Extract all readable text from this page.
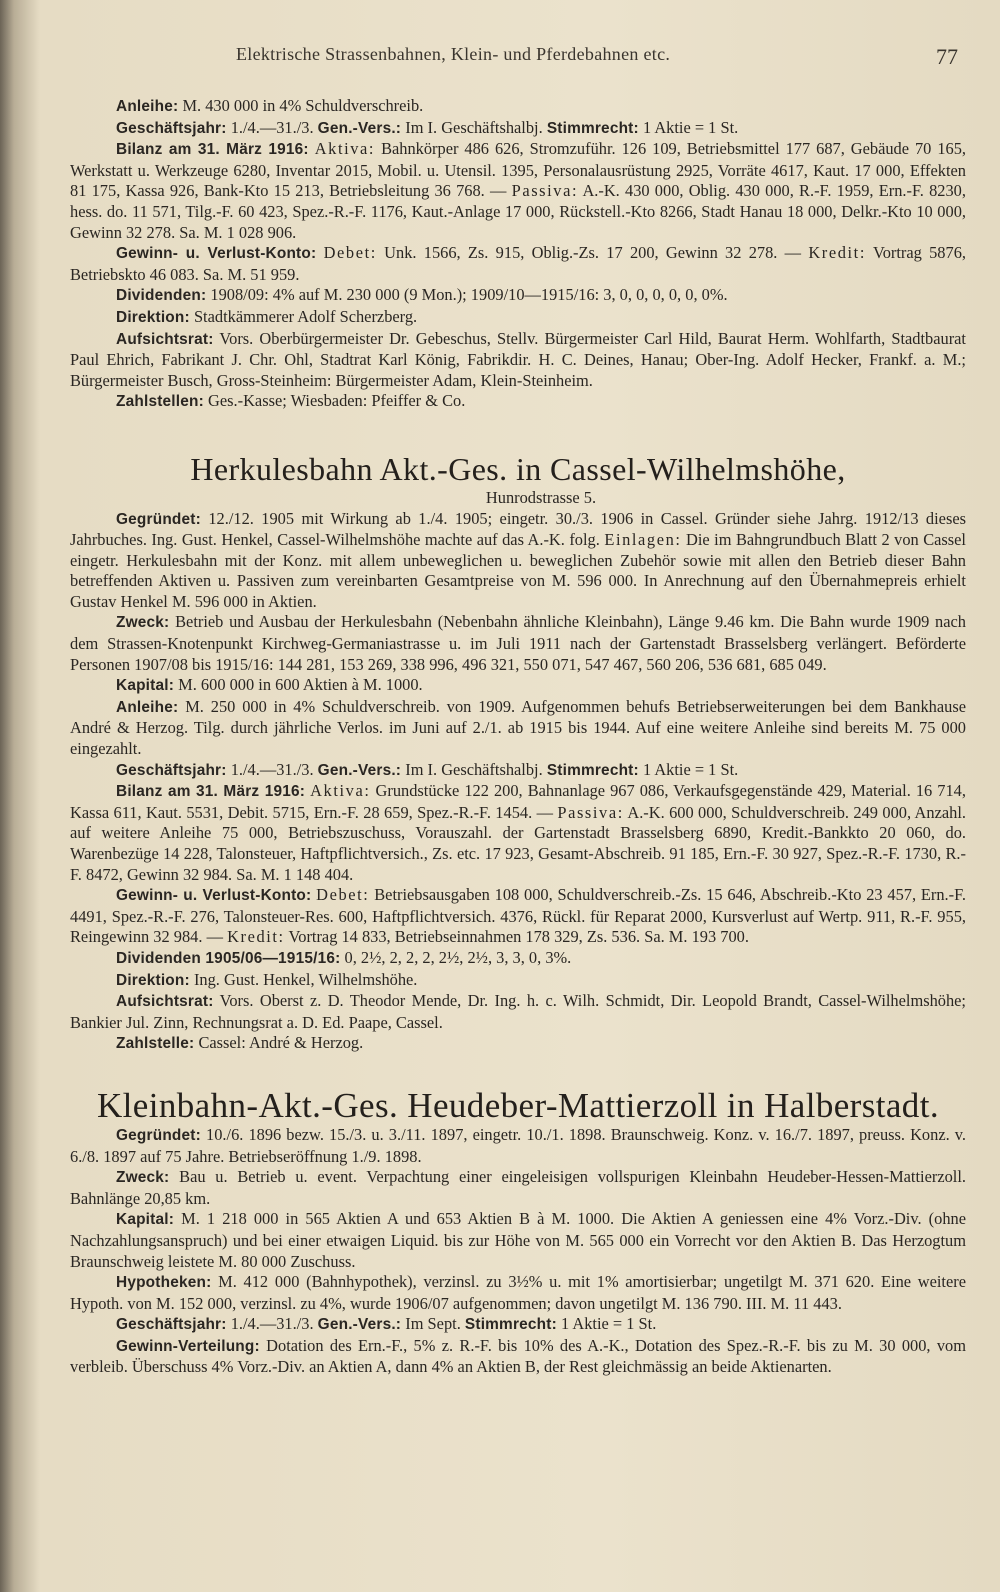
Elektrische Strassenbahnen, Klein- und Pferdebahnen etc.	77

Anleihe: M. 430 000 in 4% Schuldverschreib.

Geschäftsjahr: 1./4.—31./3. Gen.-Vers.: Im I. Geschäftshalbj. Stimmrecht: 1 Aktie = 1 St.

Bilanz am 31. März 1916: Aktiva: Bahnkörper 486 626, Stromzuführ. 126 109, Betriebsmittel 177 687, Gebäude 70 165, Werkstatt u. Werkzeuge 6280, Inventar 2015, Mobil. u. Utensil. 1395, Personalausrüstung 2925, Vorräte 4617, Kaut. 17 000, Effekten 81 175, Kassa 926, Bank-Kto 15 213, Betriebsleitung 36 768. — Passiva: A.-K. 430 000, Oblig. 430 000, R.-F. 1959, Ern.-F. 8230, hess. do. 11 571, Tilg.-F. 60 423, Spez.-R.-F. 1176, Kaut.-Anlage 17 000, Rückstell.-Kto 8266, Stadt Hanau 18 000, Delkr.-Kto 10 000, Gewinn 32 278. Sa. M. 1 028 906.

Gewinn- u. Verlust-Konto: Debet: Unk. 1566, Zs. 915, Oblig.-Zs. 17 200, Gewinn 32 278. — Kredit: Vortrag 5876, Betriebskto 46 083. Sa. M. 51 959.

Dividenden: 1908/09: 4% auf M. 230 000 (9 Mon.); 1909/10—1915/16: 3, 0, 0, 0, 0, 0, 0%.

Direktion: Stadtkämmerer Adolf Scherzberg.

Aufsichtsrat: Vors. Oberbürgermeister Dr. Gebeschus, Stellv. Bürgermeister Carl Hild, Baurat Herm. Wohlfarth, Stadtbaurat Paul Ehrich, Fabrikant J. Chr. Ohl, Stadtrat Karl König, Fabrikdir. H. C. Deines, Hanau; Ober-Ing. Adolf Hecker, Frankf. a. M.; Bürgermeister Busch, Gross-Steinheim: Bürgermeister Adam, Klein-Steinheim.

Zahlstellen: Ges.-Kasse; Wiesbaden: Pfeiffer & Co.

Herkulesbahn Akt.-Ges. in Cassel-Wilhelmshöhe,

Hunrodstrasse 5.

Gegründet: 12./12. 1905 mit Wirkung ab 1./4. 1905; eingetr. 30./3. 1906 in Cassel. Gründer siehe Jahrg. 1912/13 dieses Jahrbuches. Ing. Gust. Henkel, Cassel-Wilhelmshöhe machte auf das A.-K. folg. Einlagen: Die im Bahngrundbuch Blatt 2 von Cassel eingetr. Herkulesbahn mit der Konz. mit allem unbeweglichen u. beweglichen Zubehör sowie mit allen den Betrieb dieser Bahn betreffenden Aktiven u. Passiven zum vereinbarten Gesamtpreise von M. 596 000. In Anrechnung auf den Übernahmepreis erhielt Gustav Henkel M. 596 000 in Aktien.

Zweck: Betrieb und Ausbau der Herkulesbahn (Nebenbahn ähnliche Kleinbahn), Länge 9.46 km. Die Bahn wurde 1909 nach dem Strassen-Knotenpunkt Kirchweg-Germaniastrasse u. im Juli 1911 nach der Gartenstadt Brasselsberg verlängert. Beförderte Personen 1907/08 bis 1915/16: 144 281, 153 269, 338 996, 496 321, 550 071, 547 467, 560 206, 536 681, 685 049.

Kapital: M. 600 000 in 600 Aktien à M. 1000.

Anleihe: M. 250 000 in 4% Schuldverschreib. von 1909. Aufgenommen behufs Betriebserweiterungen bei dem Bankhause André & Herzog. Tilg. durch jährliche Verlos. im Juni auf 2./1. ab 1915 bis 1944. Auf eine weitere Anleihe sind bereits M. 75 000 eingezahlt.

Geschäftsjahr: 1./4.—31./3. Gen.-Vers.: Im I. Geschäftshalbj. Stimmrecht: 1 Aktie = 1 St.

Bilanz am 31. März 1916: Aktiva: Grundstücke 122 200, Bahnanlage 967 086, Verkaufsgegenstände 429, Material. 16 714, Kassa 611, Kaut. 5531, Debit. 5715, Ern.-F. 28 659, Spez.-R.-F. 1454. — Passiva: A.-K. 600 000, Schuldverschreib. 249 000, Anzahl. auf weitere Anleihe 75 000, Betriebszuschuss, Vorauszahl. der Gartenstadt Brasselsberg 6890, Kredit.-Bankkto 20 060, do. Warenbezüge 14 228, Talonsteuer, Haftpflichtversich., Zs. etc. 17 923, Gesamt-Abschreib. 91 185, Ern.-F. 30 927, Spez.-R.-F. 1730, R.-F. 8472, Gewinn 32 984. Sa. M. 1 148 404.

Gewinn- u. Verlust-Konto: Debet: Betriebsausgaben 108 000, Schuldverschreib.-Zs. 15 646, Abschreib.-Kto 23 457, Ern.-F. 4491, Spez.-R.-F. 276, Talonsteuer-Res. 600, Haftpflichtversich. 4376, Rückl. für Reparat 2000, Kursverlust auf Wertp. 911, R.-F. 955, Reingewinn 32 984. — Kredit: Vortrag 14 833, Betriebseinnahmen 178 329, Zs. 536. Sa. M. 193 700.

Dividenden 1905/06—1915/16: 0, 2½, 2, 2, 2, 2½, 2½, 3, 3, 0, 3%.

Direktion: Ing. Gust. Henkel, Wilhelmshöhe.

Aufsichtsrat: Vors. Oberst z. D. Theodor Mende, Dr. Ing. h. c. Wilh. Schmidt, Dir. Leopold Brandt, Cassel-Wilhelmshöhe; Bankier Jul. Zinn, Rechnungsrat a. D. Ed. Paape, Cassel.

Zahlstelle: Cassel: André & Herzog.

Kleinbahn-Akt.-Ges. Heudeber-Mattierzoll in Halberstadt.

Gegründet: 10./6. 1896 bezw. 15./3. u. 3./11. 1897, eingetr. 10./1. 1898. Braunschweig. Konz. v. 16./7. 1897, preuss. Konz. v. 6./8. 1897 auf 75 Jahre. Betriebseröffnung 1./9. 1898.

Zweck: Bau u. Betrieb u. event. Verpachtung einer eingeleisigen vollspurigen Kleinbahn Heudeber-Hessen-Mattierzoll. Bahnlänge 20,85 km.

Kapital: M. 1 218 000 in 565 Aktien A und 653 Aktien B à M. 1000. Die Aktien A geniessen eine 4% Vorz.-Div. (ohne Nachzahlungsanspruch) und bei einer etwaigen Liquid. bis zur Höhe von M. 565 000 ein Vorrecht vor den Aktien B. Das Herzogtum Braunschweig leistete M. 80 000 Zuschuss.

Hypotheken: M. 412 000 (Bahnhypothek), verzinsl. zu 3½% u. mit 1% amortisierbar; ungetilgt M. 371 620. Eine weitere Hypoth. von M. 152 000, verzinsl. zu 4%, wurde 1906/07 aufgenommen; davon ungetilgt M. 136 790. III. M. 11 443.

Geschäftsjahr: 1./4.—31./3. Gen.-Vers.: Im Sept. Stimmrecht: 1 Aktie = 1 St.

Gewinn-Verteilung: Dotation des Ern.-F., 5% z. R.-F. bis 10% des A.-K., Dotation des Spez.-R.-F. bis zu M. 30 000, vom verbleib. Überschuss 4% Vorz.-Div. an Aktien A, dann 4% an Aktien B, der Rest gleichmässig an beide Aktienarten.
